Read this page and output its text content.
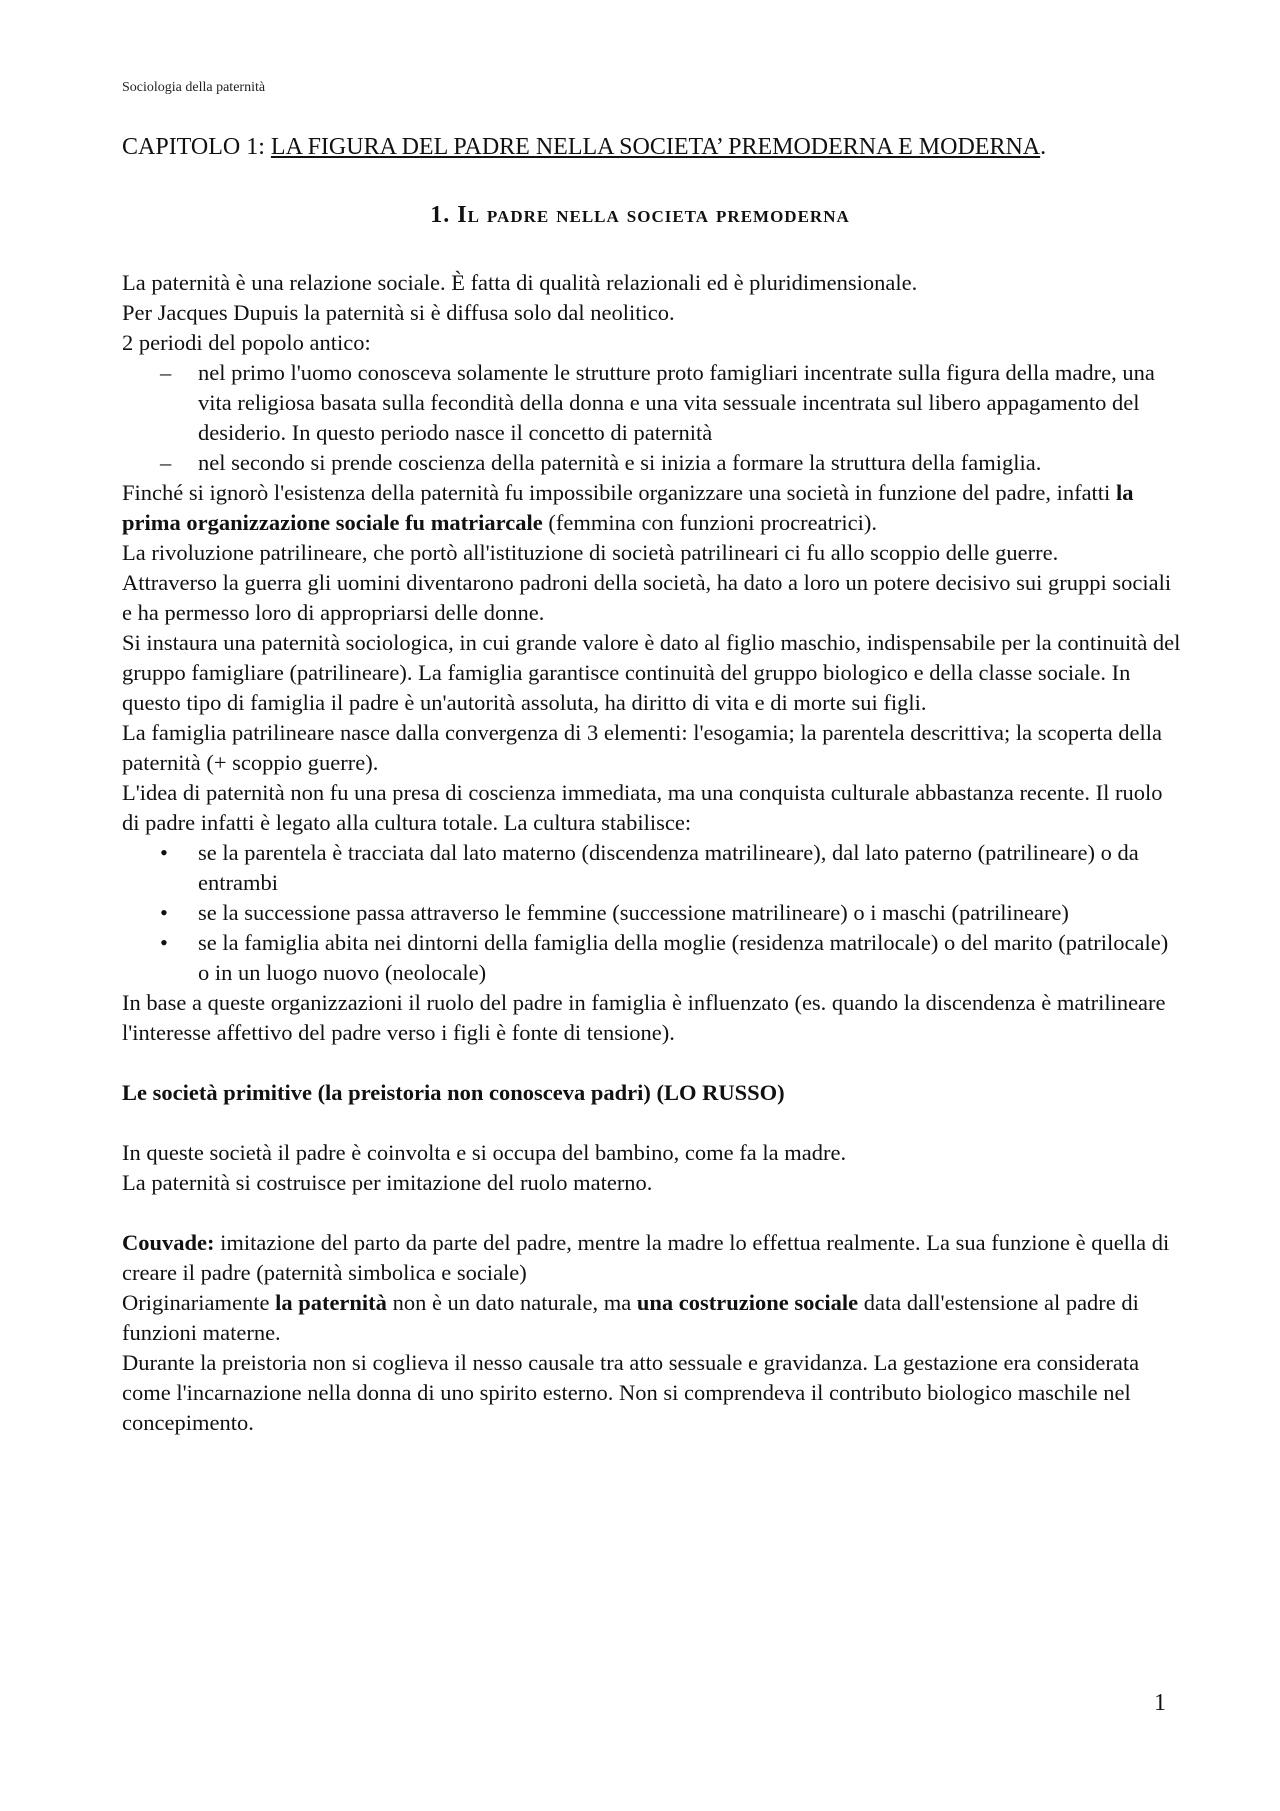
Sociologia della paternità
CAPITOLO 1: LA FIGURA DEL PADRE NELLA SOCIETA’ PREMODERNA E MODERNA.
1. Il padre nella societa premoderna

La paternità è una relazione sociale. È fatta di qualità relazionali ed è pluridimensionale.

Per Jacques Dupuis la paternità si è diffusa solo dal neolitico.

2 periodi del popolo antico:

– nel primo l'uomo conosceva solamente le strutture proto famigliari incentrate sulla figura della madre, una vita religiosa basata sulla fecondità della donna e una vita sessuale incentrata sul libero appagamento del desiderio. In questo periodo nasce il concetto di paternità
– nel secondo si prende coscienza della paternità e si inizia a formare la struttura della famiglia.

Finché si ignorò l'esistenza della paternità fu impossibile organizzare una società in funzione del padre, infatti la prima organizzazione sociale fu matriarcale (femmina con funzioni procreatrici).

La rivoluzione patrilineare, che portò all'istituzione di società patrilineari ci fu allo scoppio delle guerre.

Attraverso la guerra gli uomini diventarono padroni della società, ha dato a loro un potere decisivo sui gruppi sociali e ha permesso loro di appropriarsi delle donne.

Si instaura una paternità sociologica, in cui grande valore è dato al figlio maschio, indispensabile per la continuità del gruppo famigliare (patrilineare). La famiglia garantisce continuità del gruppo biologico e della classe sociale. In questo tipo di famiglia il padre è un'autorità assoluta, ha diritto di vita e di morte sui figli.

La famiglia patrilineare nasce dalla convergenza di 3 elementi: l'esogamia; la parentela descrittiva; la scoperta della paternità (+ scoppio guerre).

L'idea di paternità non fu una presa di coscienza immediata, ma una conquista culturale abbastanza recente. Il ruolo di padre infatti è legato alla cultura totale. La cultura stabilisce:

• se la parentela è tracciata dal lato materno (discendenza matrilineare), dal lato paterno (patrilineare) o da entrambi
• se la successione passa attraverso le femmine (successione matrilineare) o i maschi (patrilineare)
• se la famiglia abita nei dintorni della famiglia della moglie (residenza matrilocale) o del marito (patrilocale) o in un luogo nuovo (neolocale)

In base a queste organizzazioni il ruolo del padre in famiglia è influenzato (es. quando la discendenza è matrilineare l'interesse affettivo del padre verso i figli è fonte di tensione).

Le società primitive (la preistoria non conosceva padri) (LO RUSSO)

In queste società il padre è coinvolta e si occupa del bambino, come fa la madre.

La paternità si costruisce per imitazione del ruolo materno.

Couvade: imitazione del parto da parte del padre, mentre la madre lo effettua realmente. La sua funzione è quella di creare il padre (paternità simbolica e sociale)

Originariamente la paternità non è un dato naturale, ma una costruzione sociale data dall'estensione al padre di funzioni materne.

Durante la preistoria non si coglieva il nesso causale tra atto sessuale e gravidanza. La gestazione era considerata come l'incarnazione nella donna di uno spirito esterno. Non si comprendeva il contributo biologico maschile nel concepimento.

1
